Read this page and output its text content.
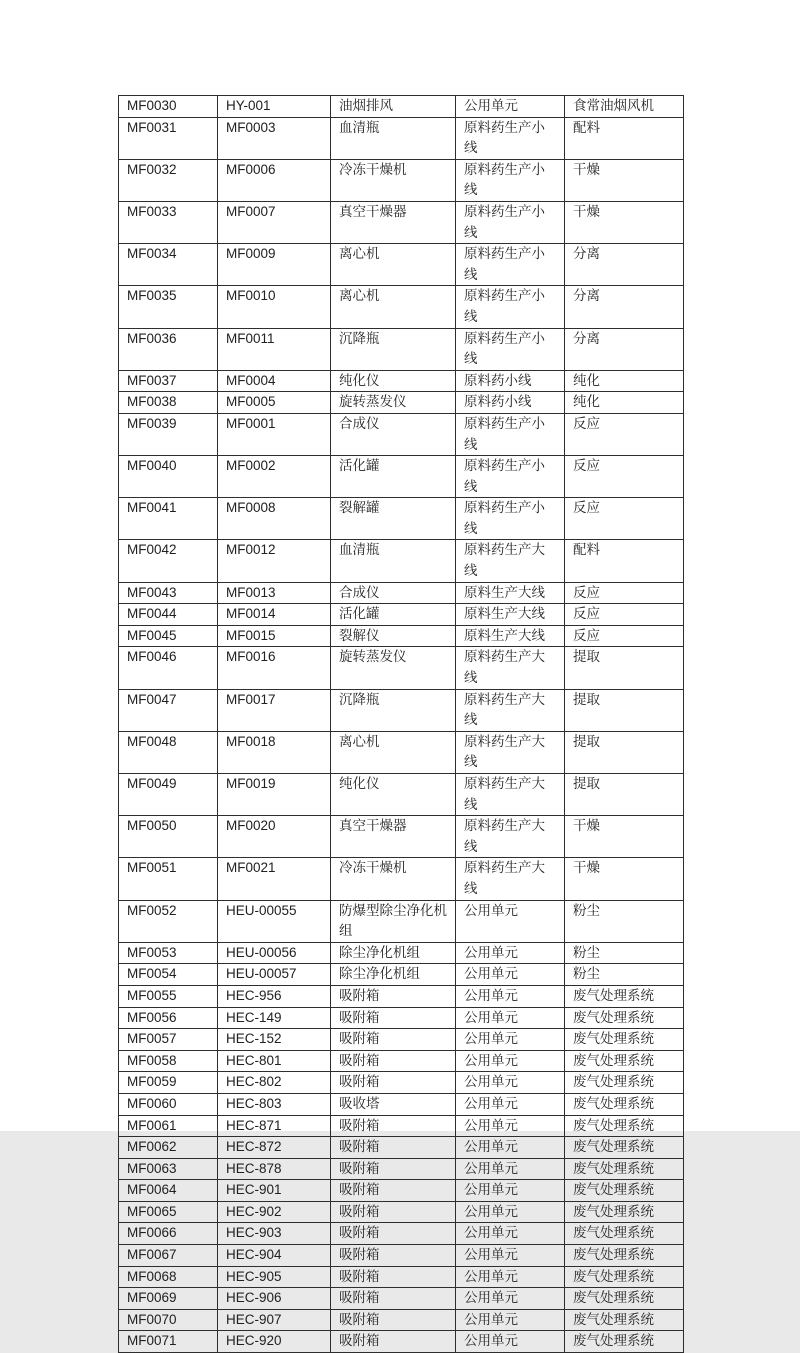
MF0030	HY-001	油烟排风	公用单元	食常油烟风机
MF0031	MF0003	血清瓶	原料药生产小线	配料
MF0032	MF0006	冷冻干燥机	原料药生产小线	干燥
MF0033	MF0007	真空干燥器	原料药生产小线	干燥
MF0034	MF0009	离心机	原料药生产小线	分离
MF0035	MF0010	离心机	原料药生产小线	分离
MF0036	MF0011	沉降瓶	原料药生产小线	分离
MF0037	MF0004	纯化仪	原料药小线	纯化
MF0038	MF0005	旋转蒸发仪	原料药小线	纯化
MF0039	MF0001	合成仪	原料药生产小线	反应
MF0040	MF0002	活化罐	原料药生产小线	反应
MF0041	MF0008	裂解罐	原料药生产小线	反应
MF0042	MF0012	血清瓶	原料药生产大线	配料
MF0043	MF0013	合成仪	原料生产大线	反应
MF0044	MF0014	活化罐	原料生产大线	反应
MF0045	MF0015	裂解仪	原料生产大线	反应
MF0046	MF0016	旋转蒸发仪	原料药生产大线	提取
MF0047	MF0017	沉降瓶	原料药生产大线	提取
MF0048	MF0018	离心机	原料药生产大线	提取
MF0049	MF0019	纯化仪	原料药生产大线	提取
MF0050	MF0020	真空干燥器	原料药生产大线	干燥
MF0051	MF0021	冷冻干燥机	原料药生产大线	干燥
MF0052	HEU-00055	防爆型除尘净化机组	公用单元	粉尘
MF0053	HEU-00056	除尘净化机组	公用单元	粉尘
MF0054	HEU-00057	除尘净化机组	公用单元	粉尘
MF0055	HEC-956	吸附箱	公用单元	废气处理系统
MF0056	HEC-149	吸附箱	公用单元	废气处理系统
MF0057	HEC-152	吸附箱	公用单元	废气处理系统
MF0058	HEC-801	吸附箱	公用单元	废气处理系统
MF0059	HEC-802	吸附箱	公用单元	废气处理系统
MF0060	HEC-803	吸收塔	公用单元	废气处理系统
MF0061	HEC-871	吸附箱	公用单元	废气处理系统
MF0062	HEC-872	吸附箱	公用单元	废气处理系统
MF0063	HEC-878	吸附箱	公用单元	废气处理系统
MF0064	HEC-901	吸附箱	公用单元	废气处理系统
MF0065	HEC-902	吸附箱	公用单元	废气处理系统
MF0066	HEC-903	吸附箱	公用单元	废气处理系统
MF0067	HEC-904	吸附箱	公用单元	废气处理系统
MF0068	HEC-905	吸附箱	公用单元	废气处理系统
MF0069	HEC-906	吸附箱	公用单元	废气处理系统
MF0070	HEC-907	吸附箱	公用单元	废气处理系统
MF0071	HEC-920	吸附箱	公用单元	废气处理系统
